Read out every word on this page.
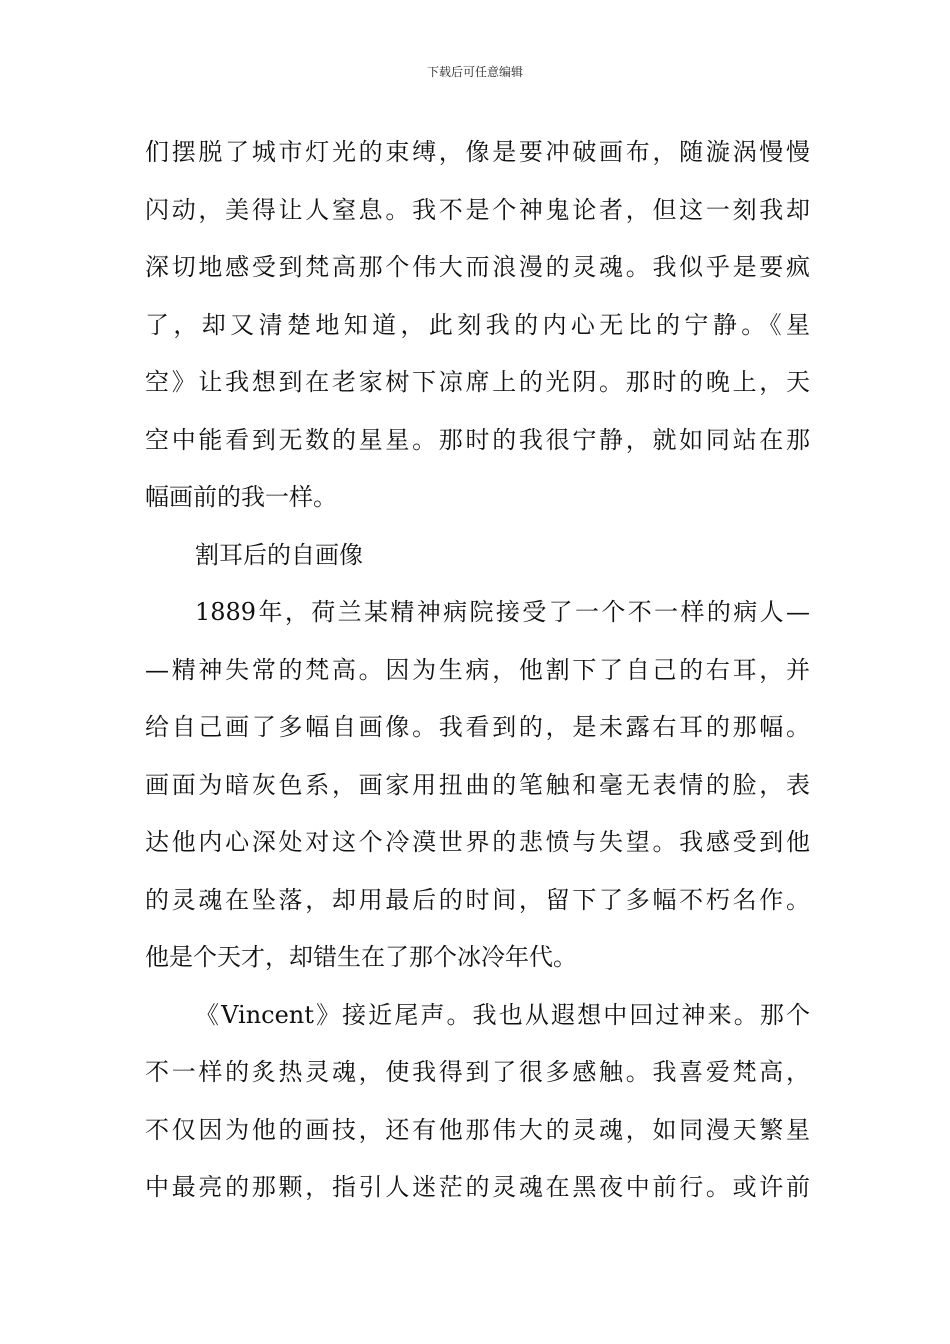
下载后可任意编辑
们摆脱了城市灯光的束缚，像是要冲破画布，随漩涡慢慢
闪动，美得让人窒息。我不是个神鬼论者，但这一刻我却
深切地感受到梵高那个伟大而浪漫的灵魂。我似乎是要疯
了，却又清楚地知道，此刻我的内心无比的宁静。《星
空》让我想到在老家树下凉席上的光阴。那时的晚上，天
空中能看到无数的星星。那时的我很宁静，就如同站在那
幅画前的我一样。
割耳后的自画像
1889年，荷兰某精神病院接受了一个不一样的病人—
—精神失常的梵高。因为生病，他割下了自己的右耳，并
给自己画了多幅自画像。我看到的，是未露右耳的那幅。
画面为暗灰色系，画家用扭曲的笔触和毫无表情的脸，表
达他内心深处对这个冷漠世界的悲愤与失望。我感受到他
的灵魂在坠落，却用最后的时间，留下了多幅不朽名作。
他是个天才，却错生在了那个冰冷年代。
《Vincent》接近尾声。我也从遐想中回过神来。那个
不一样的炙热灵魂，使我得到了很多感触。我喜爱梵高，
不仅因为他的画技，还有他那伟大的灵魂，如同漫天繁星
中最亮的那颗，指引人迷茫的灵魂在黑夜中前行。或许前
